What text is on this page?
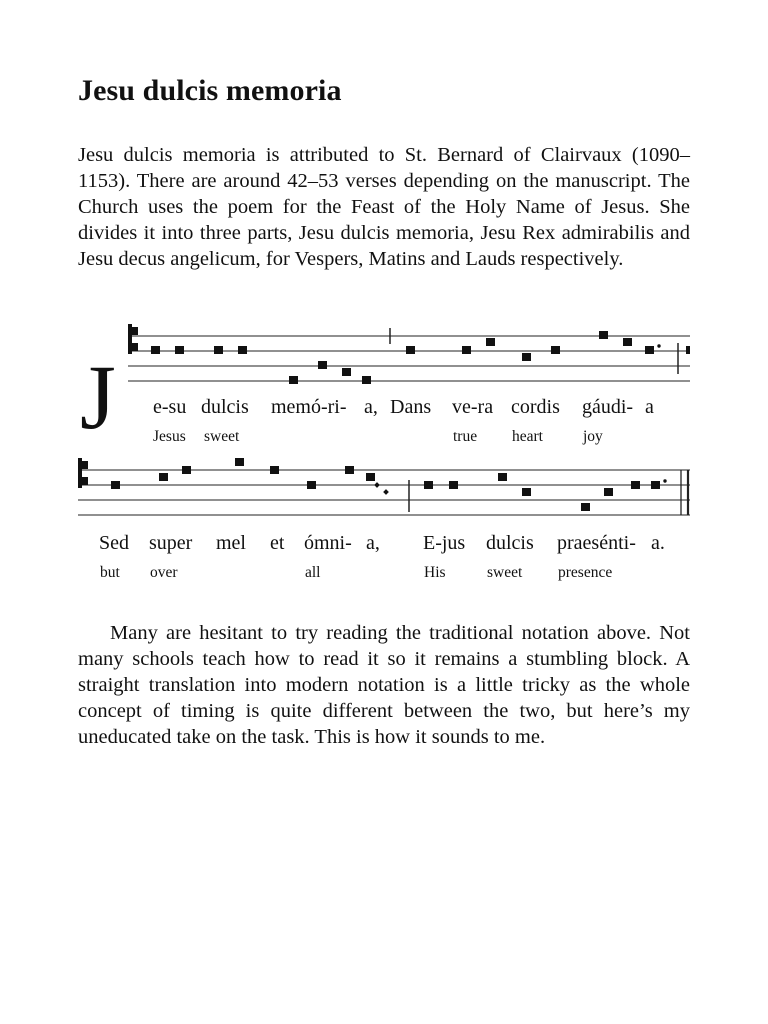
Jesu dulcis memoria

Jesu dulcis memoria is attributed to St. Bernard of Clairvaux (1090–1153). There are around 42–53 verses depending on the manuscript. The Church uses the poem for the Feast of the Holy Name of Jesus. She divides it into three parts, Jesu dulcis memoria, Jesu Rex admirabilis and Jesu decus angelicum, for Vespers, Matins and Lauds respectively.

J e-su dulcis memó-ri- a, Dans ve-ra cordis gáudi- a
Jesus sweet	true heart	joy
Sed super mel et ómni- a, E-jus dulcis praesénti- a.
but over	all	His	sweet presence

Many are hesitant to try reading the traditional notation above. Not many schools teach how to read it so it remains a stumbling block. A straight translation into modern notation is a little tricky as the whole concept of timing is quite different between the two, but here’s my uneducated take on the task. This is how it sounds to me.
